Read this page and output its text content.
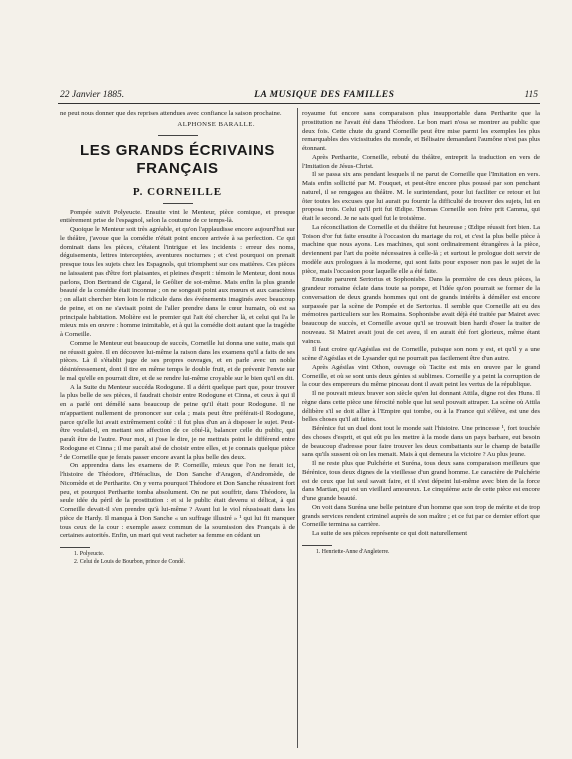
22 Janvier 1885.	LA MUSIQUE DES FAMILLES	115

ne peut nous donner que des reprises attendues avec confiance la saison prochaine.

ALPHONSE BARALLE.

LES GRANDS ÉCRIVAINS FRANÇAIS
P. CORNEILLE

Pompée suivit Polyeucte. Ensuite vint le Menteur, pièce comique, et presque entièrement prise de l'espagnol, selon la coutume de ce temps-là.

Quoique le Menteur soit très agréable, et qu'on l'applaudisse encore aujourd'hui sur le théâtre, j'avoue que la comédie n'était point encore arrivée à sa perfection. Ce qui dominait dans les pièces, c'étaient l'intrigue et les incidents : erreur des noms, déguisements, lettres interceptées, aventures nocturnes ; et c'est pourquoi on prenait presque tous les sujets chez les Espagnols, qui triomphent sur ces matières. Ces pièces ne laissaient pas d'être fort plaisantes, et pleines d'esprit : témoin le Menteur, dont nous parlons, Don Bertrand de Cigaral, le Geôlier de soi-même. Mais enfin la plus grande beauté de la comédie était inconnue ; on ne songeait point aux mœurs et aux caractères ; on allait chercher bien loin le ridicule dans des événements imaginés avec beaucoup de peine, et on ne s'avisait point de l'aller prendre dans le cœur humain, où est sa principale habitation. Molière est le premier qui l'ait été chercher là, et celui qui l'a le mieux mis en œuvre : homme inimitable, et à qui la comédie doit autant que la tragédie à Corneille.

Comme le Menteur eut beaucoup de succès, Corneille lui donna une suite, mais qui ne réussit guère. Il en découvre lui-même la raison dans les examens qu'il a faits de ses pièces. Là il s'établit juge de ses propres ouvrages, et en parle avec un noble désintéressement, dont il tire en même temps le double fruit, et de prévenir l'envie sur le mal qu'elle en pourrait dire, et de se rendre lui-même croyable sur le bien qu'il en dit.

A la Suite du Menteur succéda Rodogune. Il a dérit quelque part que, pour trouver la plus belle de ses pièces, il faudrait choisir entre Rodogune et Cinna, et ceux à qui il en a parlé ont démêlé sans beaucoup de peine qu'il était pour Rodogune. Il ne m'appartient nullement de prononcer sur cela ; mais peut être préférait-il Rodogune, parce qu'elle lui avait extrêmement coûté : il fut plus d'un an à disposer le sujet. Peut-être voulait-il, en mettant son affection de ce côté-là, balancer celle du public, qui paraît être de l'autre. Pour moi, si j'ose le dire, je ne mettrais point le différend entre Rodogune et Cinna ; il me paraît aisé de choisir entre elles, et je connais quelque pièce ² de Corneille que je ferais passer encore avant la plus belle des deux.

On apprendra dans les examens de P. Corneille, mieux que l'on ne ferait ici, l'histoire de Théodore, d'Héraclius, de Don Sanche d'Aragon, d'Andromède, de Nicomède et de Pertharite. On y verra pourquoi Théodore et Don Sanche réussirent fort peu, et pourquoi Pertharite tomba absolument. On ne put souffrir, dans Théodore, la seule idée du péril de la prostitution : et si le public était devenu si délicat, à qui Corneille devait-il s'en prendre qu'à lui-même ? Avant lui le viol réussissait dans les pièce de Hardy. Il manqua à Don Sanche « un suffrage illustré » ¹ qui lui fit manquer tous ceux de la cour : exemple assez commun de la soumission des Français à de certaines autorités. Enfin, un mari qui veut racheter sa femme en cédant un

1. Polyeucte.

2. Celui de Louis de Bourbon, prince de Condé.

royaume fut encore sans comparaison plus insupportable dans Pertharite que la prostitution ne l'avait été dans Théodore. Le bon mari n'osa se montrer au public que deux fois. Cette chute du grand Corneille peut être mise parmi les exemples les plus remarquables des vicissitudes du monde, et Bélisaire demandant l'aumône n'est pas plus étonnant.

Après Pertharite, Corneille, rebuté du théâtre, entreprit la traduction en vers de l'Imitation de Jésus-Christ.

Il se passa six ans pendant lesquels il ne parut de Corneille que l'Imitation en vers. Mais enfin sollicité par M. Fouquet, et peut-être encore plus poussé par son penchant naturel, il se rengagea au théâtre. M. le surintendant, pour lui faciliter ce retour et lui ôter toutes les excuses que lui aurait pu fournir la difficulté de trouver des sujets, lui en proposa trois. Celui qu'il prit fut Œdipe. Thomas Corneille son frère prit Camma, qui était le second. Je ne sais quel fut le troisième.

La réconciliation de Corneille et du théâtre fut heureuse ; Œdipe réussit fort bien. La Toison d'or fut faite ensuite à l'occasion du mariage du roi, et c'est la plus belle pièce à machine que nous ayons. Les machines, qui sont ordinairement étrangères à la pièce, deviennent par l'art du poète nécessaires à celle-là ; et surtout le prologue doit servir de modèle aux prologues à la moderne, qui sont faits pour exposer non pas le sujet de la pièce, mais l'occasion pour laquelle elle a été faite.

Ensuite parurent Sertorius et Sophonisbe. Dans la première de ces deux pièces, la grandeur romaine éclate dans toute sa pompe, et l'idée qu'on pourrait se former de la conversation de deux grands hommes qui ont de grands intérêts à démêler est encore surpassée par la scène de Pompée et de Sertorius. Il semble que Corneille ait eu des mémoires particuliers sur les Romains. Sophonisbe avait déjà été traitée par Mairet avec beaucoup de succès, et Corneille avoue qu'il se trouvait bien hardi d'oser la traiter de nouveau. Si Mairet avait joui de cet aveu, il en aurait été fort glorieux, même étant vaincu.

Il faut croire qu'Agésilas est de Corneille, puisque son nom y est, et qu'il y a une scène d'Agésilas et de Lysander qui ne pourrait pas facilement être d'un autre.

Après Agésilas vint Othon, ouvrage où Tacite est mis en œuvre par le grand Corneille, et où se sont unis deux génies si sublimes. Corneille y a peint la corruption de la cour des empereurs du même pinceau dont il avait peint les vertus de la république.

Il ne pouvait mieux braver son siècle qu'en lui donnant Attila, digne roi des Huns. Il règne dans cette pièce une férocité noble que lui seul pouvait attraper. La scène où Attila délibère s'il se doit allier à l'Empire qui tombe, ou à la France qui s'élève, est une des belles choses qu'il ait faites.

Bérénice fut un duel dont tout le monde sait l'histoire. Une princesse ¹, fort touchée des choses d'esprit, et qui eût pu les mettre à la mode dans un pays barbare, eut besoin de beaucoup d'adresse pour faire trouver les deux combattants sur le champ de bataille sans qu'ils sussent où on les menait. Mais à qui demeura la victoire ? Au plus jeune.

Il ne reste plus que Pulchérie et Suréna, tous deux sans comparaison meilleurs que Bérénice, tous deux dignes de la vieillesse d'un grand homme. Le caractère de Pulchérie est de ceux que lui seul savait faire, et il s'est dépeint lui-même avec bien de la force dans Martian, qui est un vieillard amoureux. Le cinquième acte de cette pièce est encore d'une grande beauté.

On voit dans Suréna une belle peinture d'un homme que son trop de mérite et de trop grands services rendent criminel auprès de son maître ; et ce fut par ce dernier effort que Corneille termina sa carrière.

La suite de ses pièces représente ce qui doit naturellement

1. Henriette-Anne d'Angleterre.
